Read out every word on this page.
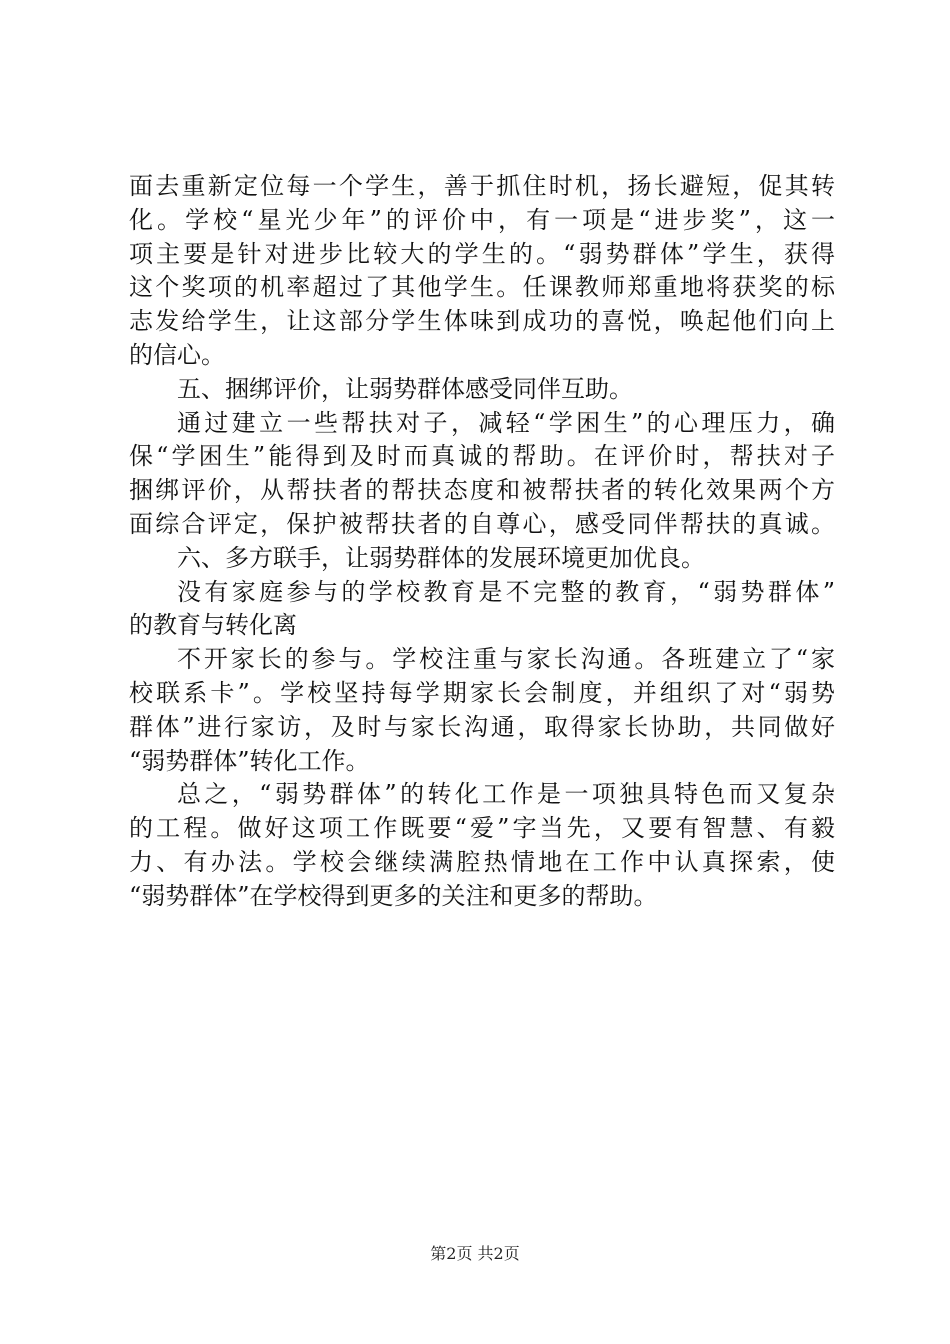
面去重新定位每一个学生，善于抓住时机，扬长避短，促其转
化。学校“星光少年”的评价中，有一项是“进步奖”，这一
项主要是针对进步比较大的学生的。“弱势群体”学生，获得
这个奖项的机率超过了其他学生。任课教师郑重地将获奖的标
志发给学生，让这部分学生体味到成功的喜悦，唤起他们向上
的信心。
五、捆绑评价，让弱势群体感受同伴互助。
通过建立一些帮扶对子，减轻“学困生”的心理压力，确
保“学困生”能得到及时而真诚的帮助。在评价时，帮扶对子
捆绑评价，从帮扶者的帮扶态度和被帮扶者的转化效果两个方
面综合评定，保护被帮扶者的自尊心，感受同伴帮扶的真诚。
六、多方联手，让弱势群体的发展环境更加优良。
没有家庭参与的学校教育是不完整的教育，“弱势群体”
的教育与转化离
不开家长的参与。学校注重与家长沟通。各班建立了“家
校联系卡”。学校坚持每学期家长会制度，并组织了对“弱势
群体”进行家访，及时与家长沟通，取得家长协助，共同做好
“弱势群体”转化工作。
总之，“弱势群体”的转化工作是一项独具特色而又复杂
的工程。做好这项工作既要“爱”字当先，又要有智慧、有毅
力、有办法。学校会继续满腔热情地在工作中认真探索，使
“弱势群体”在学校得到更多的关注和更多的帮助。
第2页 共2页
